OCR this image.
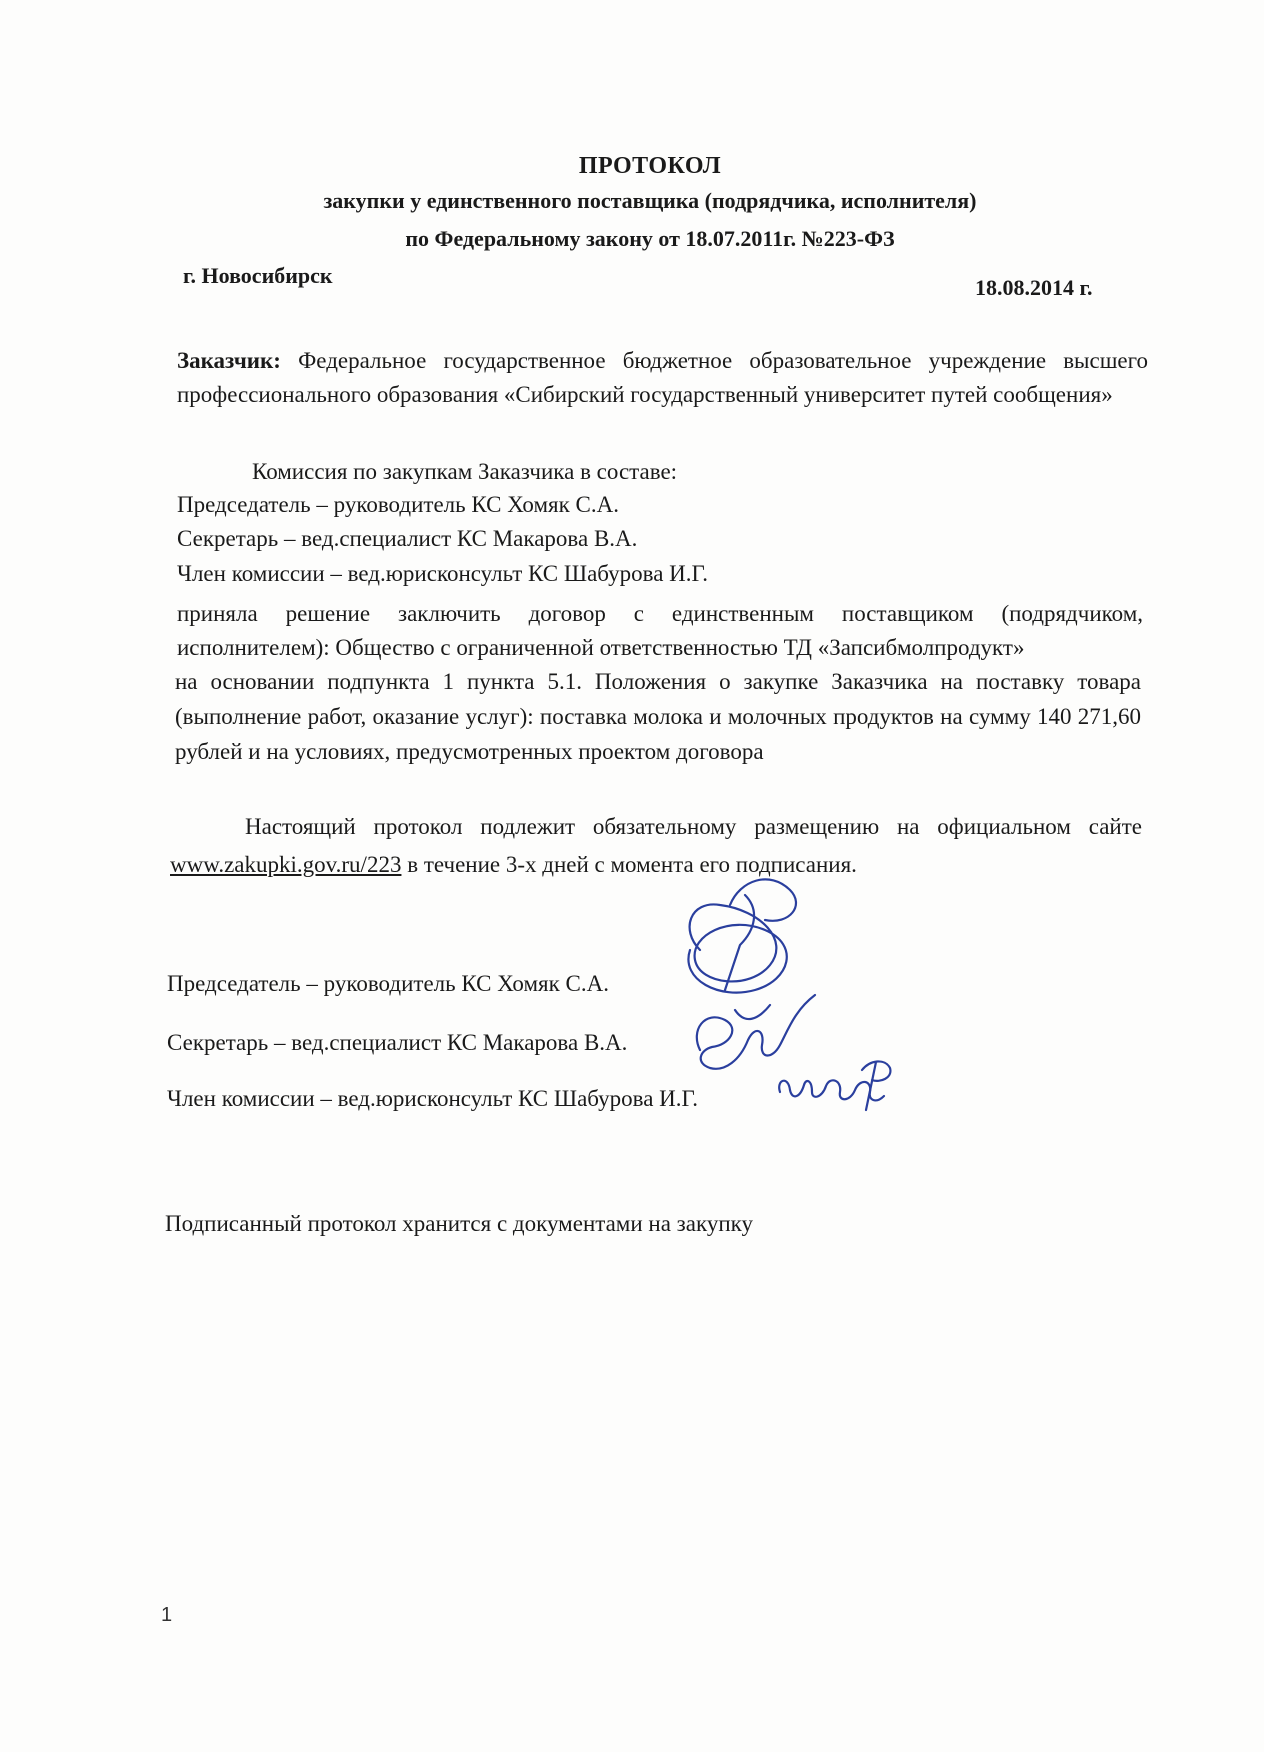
ПРОТОКОЛ
закупки у единственного поставщика (подрядчика, исполнителя)
по Федеральному закону от 18.07.2011г. №223-ФЗ
г. Новосибирск	18.08.2014 г.
Заказчик: Федеральное государственное бюджетное образовательное учреждение высшего профессионального образования «Сибирский государственный университет путей сообщения»
Комиссия по закупкам Заказчика в составе:
Председатель – руководитель КС Хомяк С.А.
Секретарь – вед.специалист КС Макарова В.А.
Член комиссии – вед.юрисконсульт КС Шабурова И.Г.
приняла решение заключить договор с единственным поставщиком (подрядчиком, исполнителем): Общество с ограниченной ответственностью ТД «Запсибмолпродукт»
на основании подпункта 1 пункта 5.1. Положения о закупке Заказчика на поставку товара (выполнение работ, оказание услуг): поставка молока и молочных продуктов на сумму 140 271,60 рублей и на условиях, предусмотренных проектом договора
Настоящий протокол подлежит обязательному размещению на официальном сайте www.zakupki.gov.ru/223 в течение 3-х дней с момента его подписания.
Председатель – руководитель КС Хомяк С.А.
Секретарь – вед.специалист КС Макарова В.А.
Член комиссии – вед.юрисконсульт КС Шабурова И.Г.
Подписанный протокол хранится с документами на закупку
1
